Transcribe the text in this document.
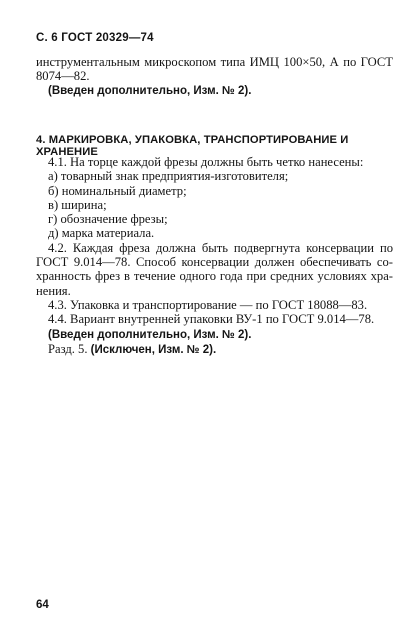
С. 6 ГОСТ 20329—74
инструментальным микроскопом типа ИМЦ 100×50, А по ГОСТ
8074—82.
(Введен дополнительно, Изм. № 2).
4. МАРКИРОВКА, УПАКОВКА, ТРАНСПОРТИРОВАНИЕ И ХРАНЕНИЕ
4.1. На торце каждой фрезы должны быть четко нанесены:
а) товарный знак предприятия-изготовителя;
б) номинальный диаметр;
в) ширина;
г) обозначение фрезы;
д) марка материала.
4.2. Каждая фреза должна быть подвергнута консервации по
ГОСТ 9.014—78. Способ консервации должен обеспечивать со-
хранность фрез в течение одного года при средних условиях хра-
нения.
4.3. Упаковка и транспортирование — по ГОСТ 18088—83.
4.4. Вариант внутренней упаковки ВУ-1 по ГОСТ 9.014—78.
(Введен дополнительно, Изм. № 2).
Разд. 5. (Исключен, Изм. № 2).
64
